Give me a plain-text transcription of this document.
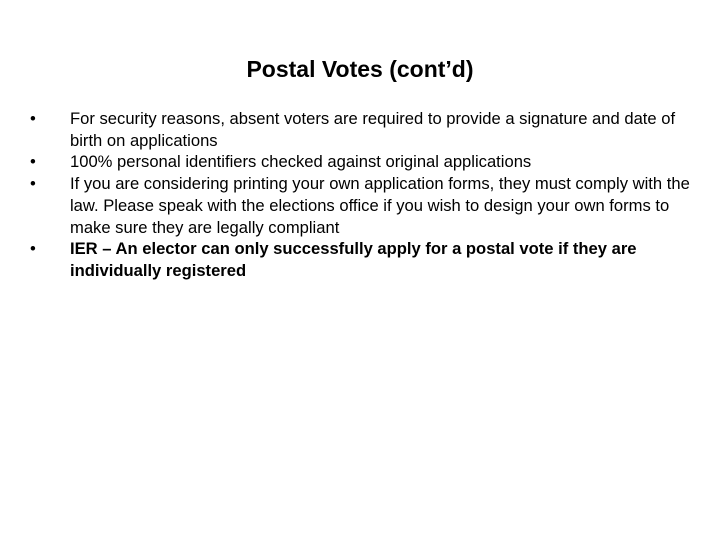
Postal Votes (cont’d)
•	For security reasons, absent voters are required to provide a signature and date of birth on applications
•	100% personal identifiers checked against original applications
•	If you are considering printing your own application forms, they must comply with the law. Please speak with the elections office if you wish to design your own forms to make sure they are legally compliant
•	IER – An elector can only successfully apply for a postal vote if they are individually registered
